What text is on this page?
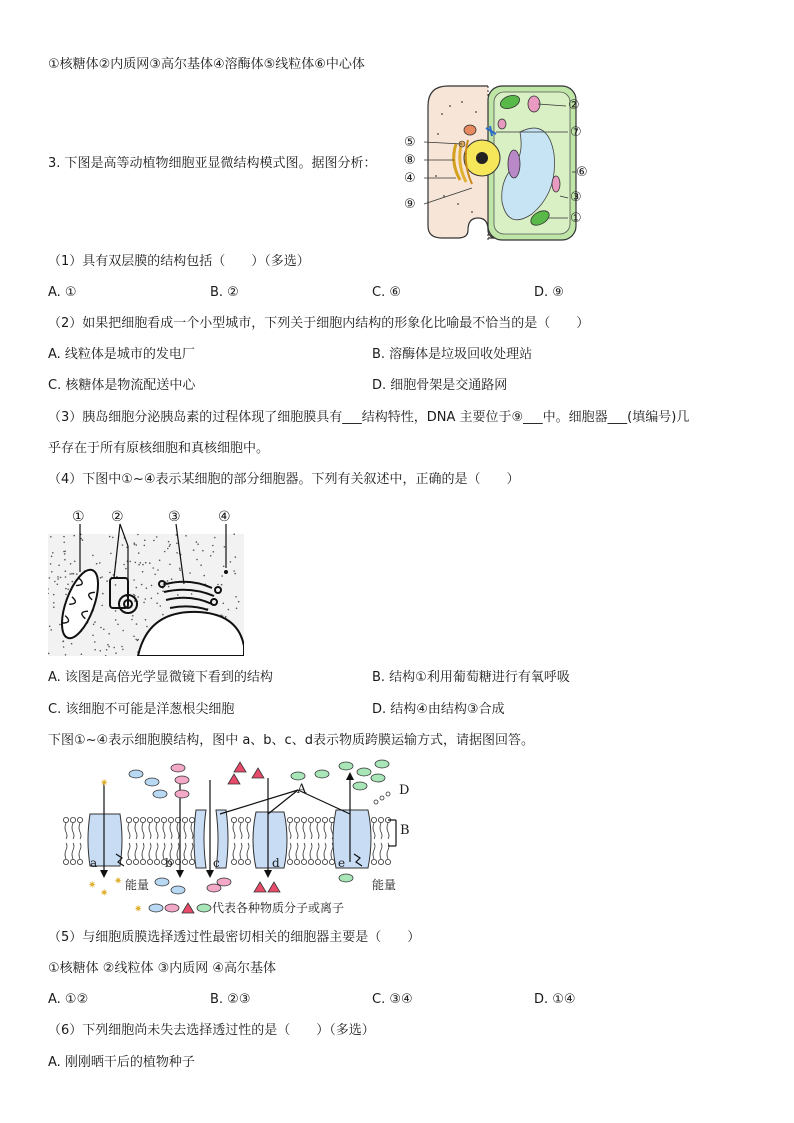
①核糖体②内质网③高尔基体④溶酶体⑤线粒体⑥中心体
3. 下图是高等动植物细胞亚显微结构模式图。据图分析：
②
⑦
⑥
③
①
⑤
⑧
④
⑨
（1）具有双层膜的结构包括（　　）（多选）
A. ①	B. ②	C. ⑥	D. ⑨
（2）如果把细胞看成一个小型城市，下列关于细胞内结构的形象化比喻最不恰当的是（　　）
A. 线粒体是城市的发电厂	B. 溶酶体是垃圾回收处理站
C. 核糖体是物流配送中心	D. 细胞骨架是交通路网
（3）胰岛细胞分泌胰岛素的过程体现了细胞膜具有___结构特性，DNA 主要位于⑨___中。细胞器___(填编号)几
乎存在于所有原核细胞和真核细胞中。
（4）下图中①~④表示某细胞的部分细胞器。下列有关叙述中，正确的是（　　）
① ②	③	④
A. 该图是高倍光学显微镜下看到的结构	B. 结构①利用葡萄糖进行有氧呼吸
C. 该细胞不可能是洋葱根尖细胞	D. 结构④由结构③合成
下图①~④表示细胞膜结构，图中 a、b、c、d表示物质跨膜运输方式，请据图回答。
✷
✷
✷
✷
✷
A	D
B
a	b	c	d	e
能量	能量
代表各种物质分子或离子
（5）与细胞质膜选择透过性最密切相关的细胞器主要是（　　）
①核糖体 ②线粒体 ③内质网 ④高尔基体
A. ①②	B. ②③	C. ③④	D. ①④
（6）下列细胞尚未失去选择透过性的是（　　）（多选）
A. 刚刚晒干后的植物种子
